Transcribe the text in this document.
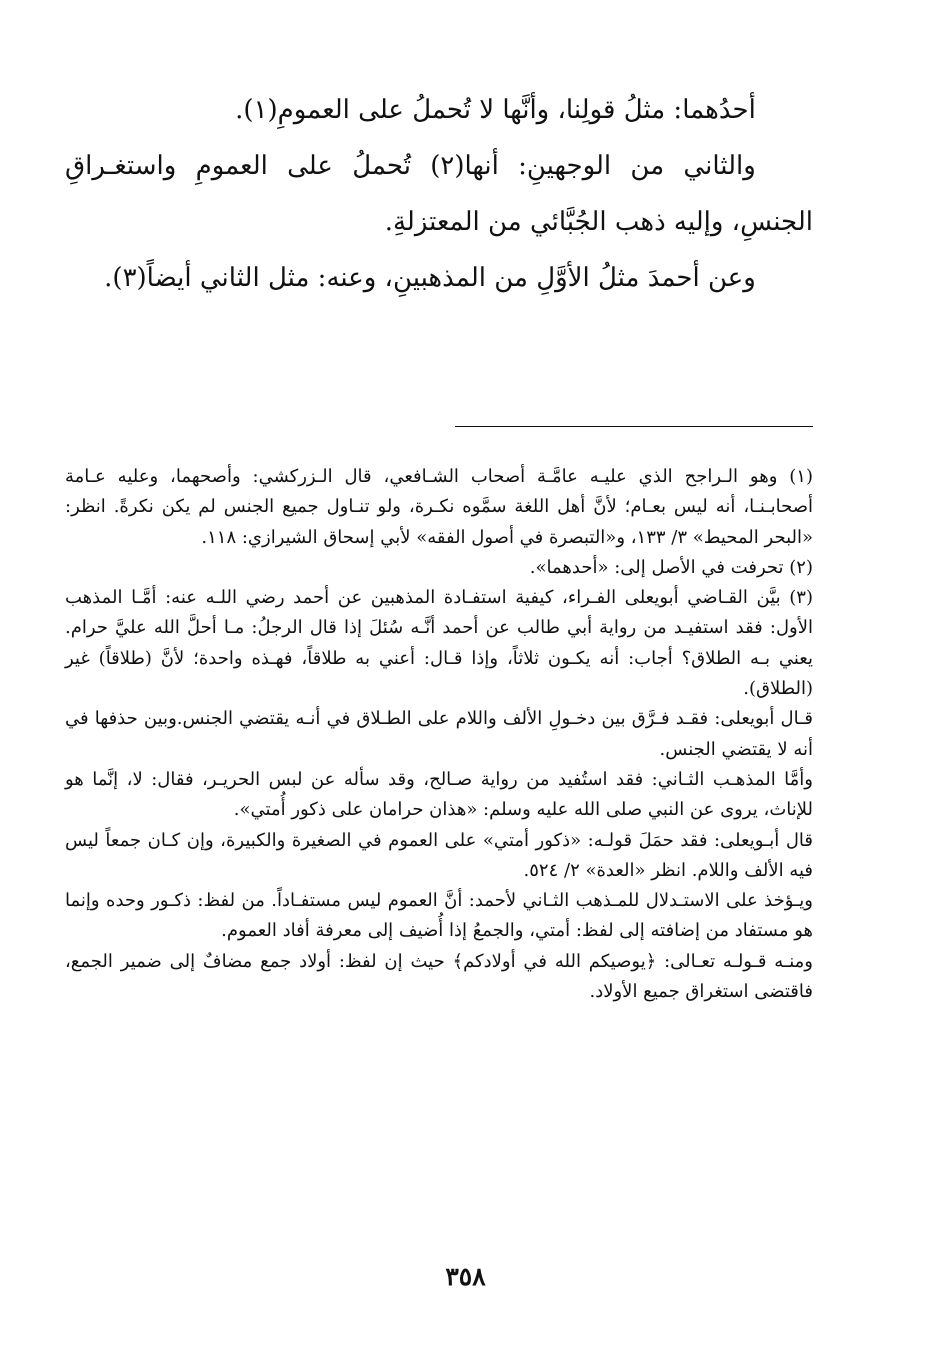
أحدُهما: مثلُ قولِنا، وأنَّها لا تُحملُ على العمومِ(١).

والثاني من الوجهينِ: أنها(٢) تُحملُ على العمومِ واستغـراقِ الجنسِ، وإليه ذهب الجُبَّائي من المعتزلةِ.

وعن أحمدَ مثلُ الأوَّلِ من المذهبينِ، وعنه: مثل الثاني أيضاً(٣).

(١) وهو الـراجح الذي عليـه عامَّـة أصحاب الشـافعي، قال الـزركشي: وأصحهما، وعليه عـامة أصحابـنـا، أنه ليس بعـام؛ لأنَّ أهل اللغة سمَّوه نكـرة، ولو تنـاول جميع الجنس لم يكن نكرةً. انظر: «البحر المحيط» ٣/ ١٣٣، و«التبصرة في أصول الفقه» لأبي إسحاق الشيرازي: ١١٨.

(٢) تحرفت في الأصل إلى: «أحدهما».

(٣) بيَّن القـاضي أبويعلى الفـراء، كيفية استفـادة المذهبين عن أحمد رضي اللـه عنه: أمَّـا المذهب الأول: فقد استفيـد من رواية أبي طالب عن أحمد أنَّـه سُئلَ إذا قال الرجلُ: مـا أحلَّ الله عليَّ حرام. يعني بـه الطلاق؟ أجاب: أنه يكـون ثلاثاً، وإذا قـال: أعني به طلاقاً، فهـذه واحدة؛ لأنَّ (طلاقاً) غير (الطلاق).

قـال أبويعلى: فقـد فـرَّق بين دخـولِ الألف واللام على الطـلاق في أنـه يقتضي الجنس.وبين حذفها في أنه لا يقتضي الجنس.

وأمَّا المذهـب الثـاني: فقد استُفيد من رواية صـالح، وقد سأله عن لبس الحريـر، فقال: لا، إنَّما هو للإناث، يروى عن النبي صلى الله عليه وسلم: «هذان حرامان على ذكور أُمتي».

قال أبـويعلى: فقد حمَلَ قولـه: «ذكور أمتي» على العموم في الصغيرة والكبيرة، وإن كـان جمعاً ليس فيه الألف واللام. انظر «العدة» ٢/ ٥٢٤.

ويـؤخذ على الاستـدلال للمـذهب الثـاني لأحمد: أنَّ العموم ليس مستفـاداً. من لفظ: ذكـور وحده وإنما هو مستفاد من إضافته إلى لفظ: أمتي، والجمعُ إذا أُضيف إلى معرفة أفاد العموم.

ومنـه قـولـه تعـالى: ﴿يوصيكم الله في أولادكم﴾ حيث إن لفظ: أولاد جمع مضافٌ إلى ضمير الجمع، فاقتضى استغراق جميع الأولاد.

٣٥٨
